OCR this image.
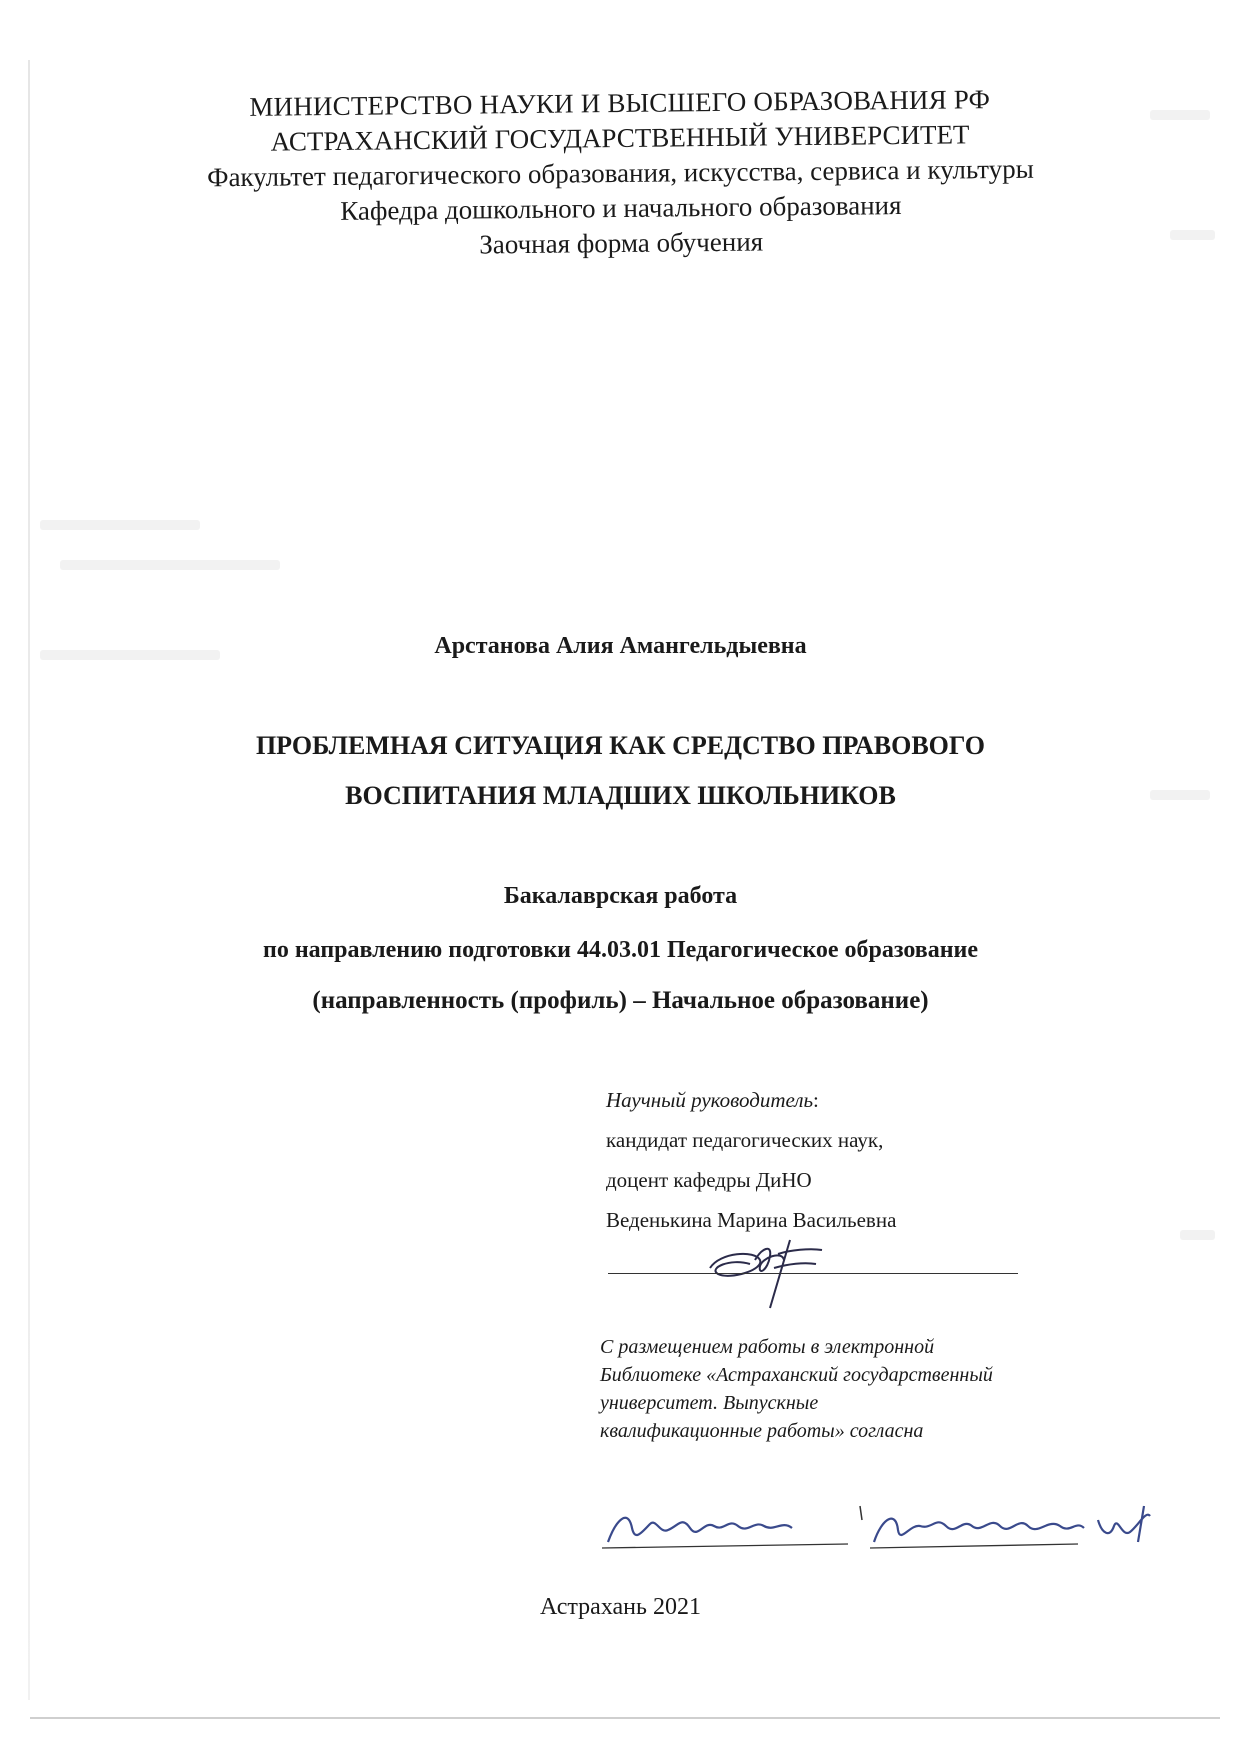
МИНИСТЕРСТВО НАУКИ И ВЫСШЕГО ОБРАЗОВАНИЯ РФ
АСТРАХАНСКИЙ ГОСУДАРСТВЕННЫЙ УНИВЕРСИТЕТ
Факультет педагогического образования, искусства, сервиса и культуры
Кафедра дошкольного и начального образования
Заочная форма обучения
Арстанова Алия Амангельдыевна
ПРОБЛЕМНАЯ СИТУАЦИЯ КАК СРЕДСТВО ПРАВОВОГО
ВОСПИТАНИЯ МЛАДШИХ ШКОЛЬНИКОВ
Бакалаврская работа
по направлению подготовки 44.03.01 Педагогическое образование
(направленность (профиль) – Начальное образование)
Научный руководитель:
кандидат педагогических наук,
доцент кафедры ДиНО
Веденькина Марина Васильевна
С размещением работы в электронной
Библиотеке «Астраханский государственный
университет. Выпускные
квалификационные работы» согласна
Астрахань 2021
